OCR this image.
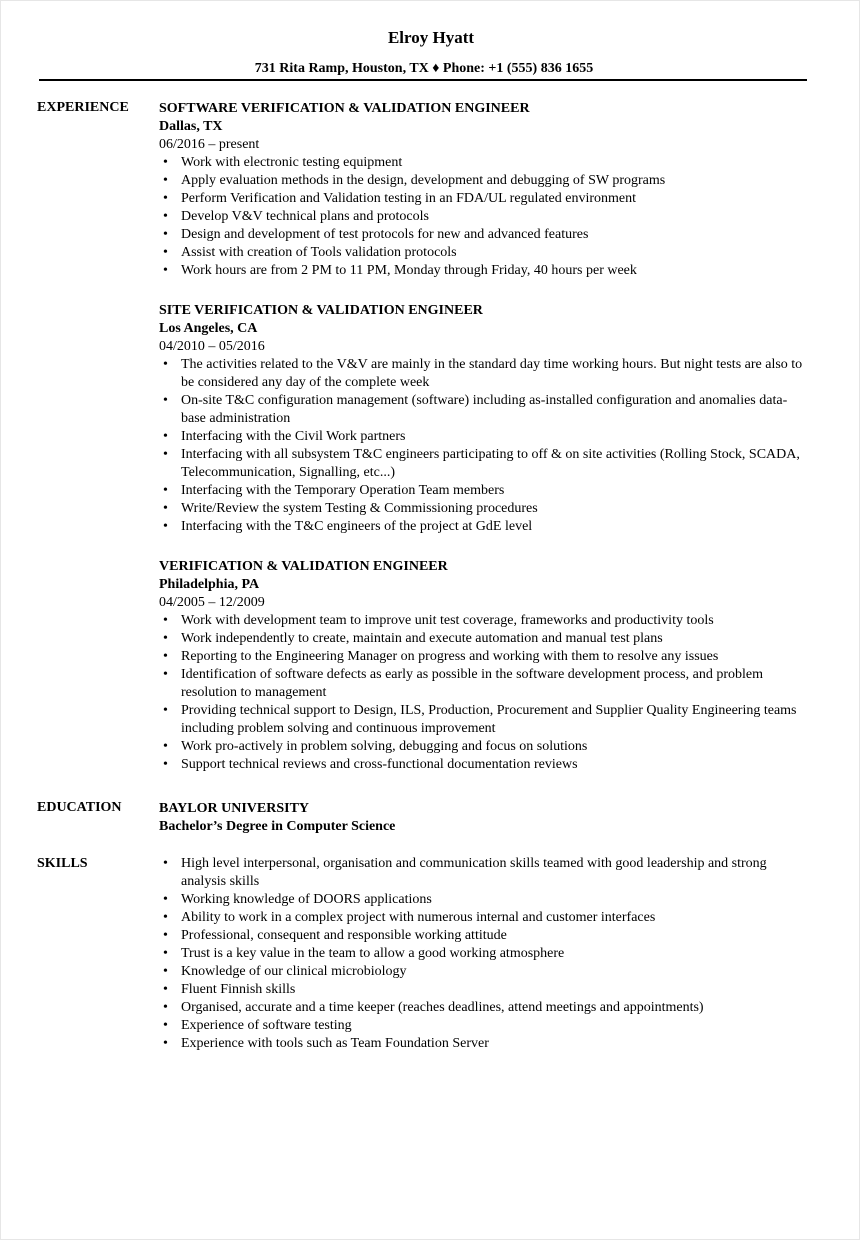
Elroy Hyatt
731 Rita Ramp, Houston, TX ♦ Phone: +1 (555) 836 1655
EXPERIENCE SOFTWARE VERIFICATION & VALIDATION ENGINEER
Dallas, TX
06/2016 – present
• Work with electronic testing equipment
• Apply evaluation methods in the design, development and debugging of SW programs
• Perform Verification and Validation testing in an FDA/UL regulated environment
• Develop V&V technical plans and protocols
• Design and development of test protocols for new and advanced features
• Assist with creation of Tools validation protocols
• Work hours are from 2 PM to 11 PM, Monday through Friday, 40 hours per week
SITE VERIFICATION & VALIDATION ENGINEER
Los Angeles, CA
04/2010 – 05/2016
• The activities related to the V&V are mainly in the standard day time working hours. But night tests are also to be considered any day of the complete week
• On-site T&C configuration management (software) including as-installed configuration and anomalies data-base administration
• Interfacing with the Civil Work partners
• Interfacing with all subsystem T&C engineers participating to off & on site activities (Rolling Stock, SCADA, Telecommunication, Signalling, etc...)
• Interfacing with the Temporary Operation Team members
• Write/Review the system Testing & Commissioning procedures
• Interfacing with the T&C engineers of the project at GdE level
VERIFICATION & VALIDATION ENGINEER
Philadelphia, PA
04/2005 – 12/2009
• Work with development team to improve unit test coverage, frameworks and productivity tools
• Work independently to create, maintain and execute automation and manual test plans
• Reporting to the Engineering Manager on progress and working with them to resolve any issues
• Identification of software defects as early as possible in the software development process, and problem resolution to management
• Providing technical support to Design, ILS, Production, Procurement and Supplier Quality Engineering teams including problem solving and continuous improvement
• Work pro-actively in problem solving, debugging and focus on solutions
• Support technical reviews and cross-functional documentation reviews
EDUCATION	BAYLOR UNIVERSITY
Bachelor’s Degree in Computer Science
SKILLS	• High level interpersonal, organisation and communication skills teamed with good leadership and strong analysis skills
• Working knowledge of DOORS applications
• Ability to work in a complex project with numerous internal and customer interfaces
• Professional, consequent and responsible working attitude
• Trust is a key value in the team to allow a good working atmosphere
• Knowledge of our clinical microbiology
• Fluent Finnish skills
• Organised, accurate and a time keeper (reaches deadlines, attend meetings and appointments)
• Experience of software testing
• Experience with tools such as Team Foundation Server
